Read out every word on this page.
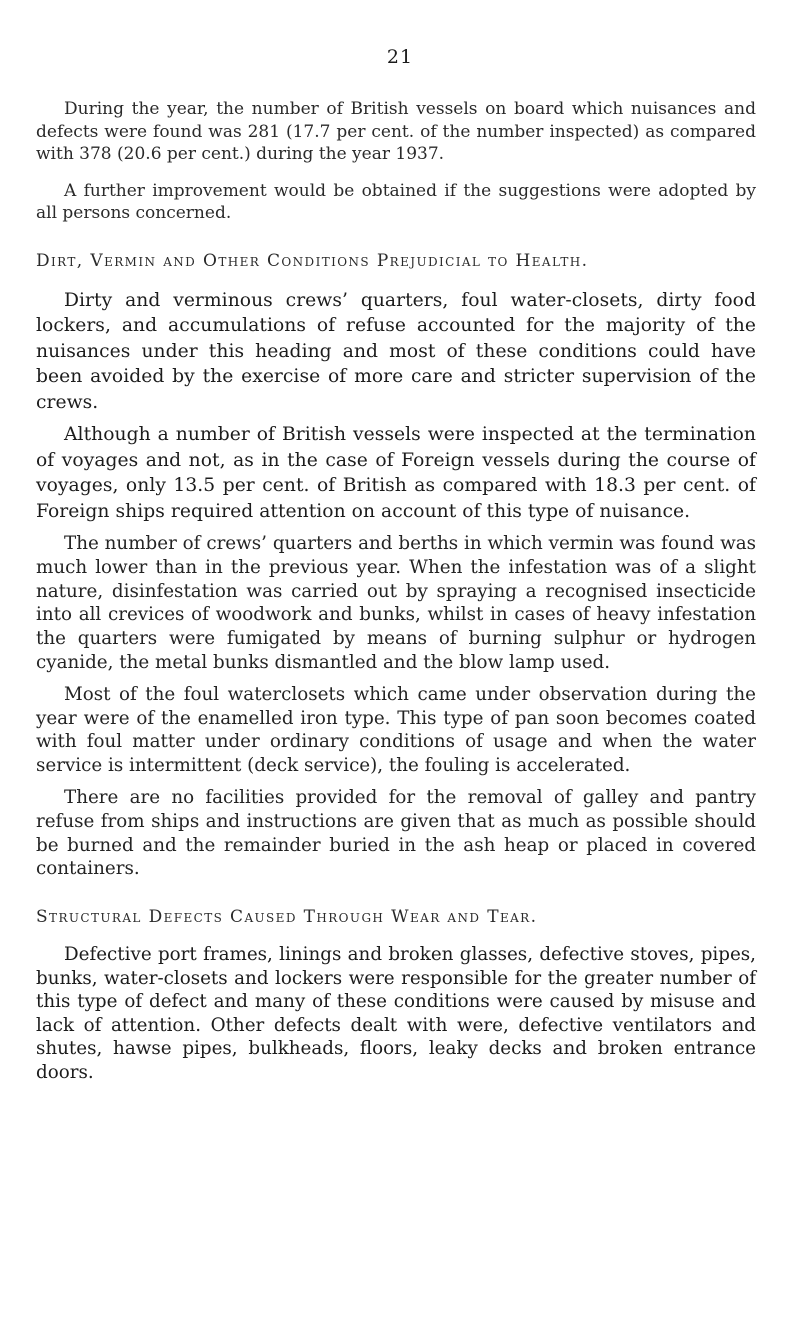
21

During the year, the number of British vessels on board which nuisances and defects were found was 281 (17.7 per cent. of the number inspected) as compared with 378 (20.6 per cent.) during the year 1937.

A further improvement would be obtained if the suggestions were adopted by all persons concerned.

Dirt, Vermin and Other Conditions Prejudicial to Health.

Dirty and verminous crews’ quarters, foul water-closets, dirty food lockers, and accumulations of refuse accounted for the majority of the nuisances under this heading and most of these conditions could have been avoided by the exercise of more care and stricter supervision of the crews.

Although a number of British vessels were inspected at the termination of voyages and not, as in the case of Foreign vessels during the course of voyages, only 13.5 per cent. of British as compared with 18.3 per cent. of Foreign ships required attention on account of this type of nuisance.

The number of crews’ quarters and berths in which vermin was found was much lower than in the previous year. When the infestation was of a slight nature, disinfestation was carried out by spraying a recognised insecticide into all crevices of woodwork and bunks, whilst in cases of heavy infestation the quarters were fumigated by means of burning sulphur or hydrogen cyanide, the metal bunks dismantled and the blow lamp used.

Most of the foul waterclosets which came under observation during the year were of the enamelled iron type. This type of pan soon becomes coated with foul matter under ordinary conditions of usage and when the water service is intermittent (deck service), the fouling is accelerated.

There are no facilities provided for the removal of galley and pantry refuse from ships and instructions are given that as much as possible should be burned and the remainder buried in the ash heap or placed in covered containers.

Structural Defects Caused Through Wear and Tear.

Defective port frames, linings and broken glasses, defective stoves, pipes, bunks, water-closets and lockers were responsible for the greater number of this type of defect and many of these conditions were caused by misuse and lack of attention. Other defects dealt with were, defective ventilators and shutes, hawse pipes, bulkheads, floors, leaky decks and broken entrance doors.
